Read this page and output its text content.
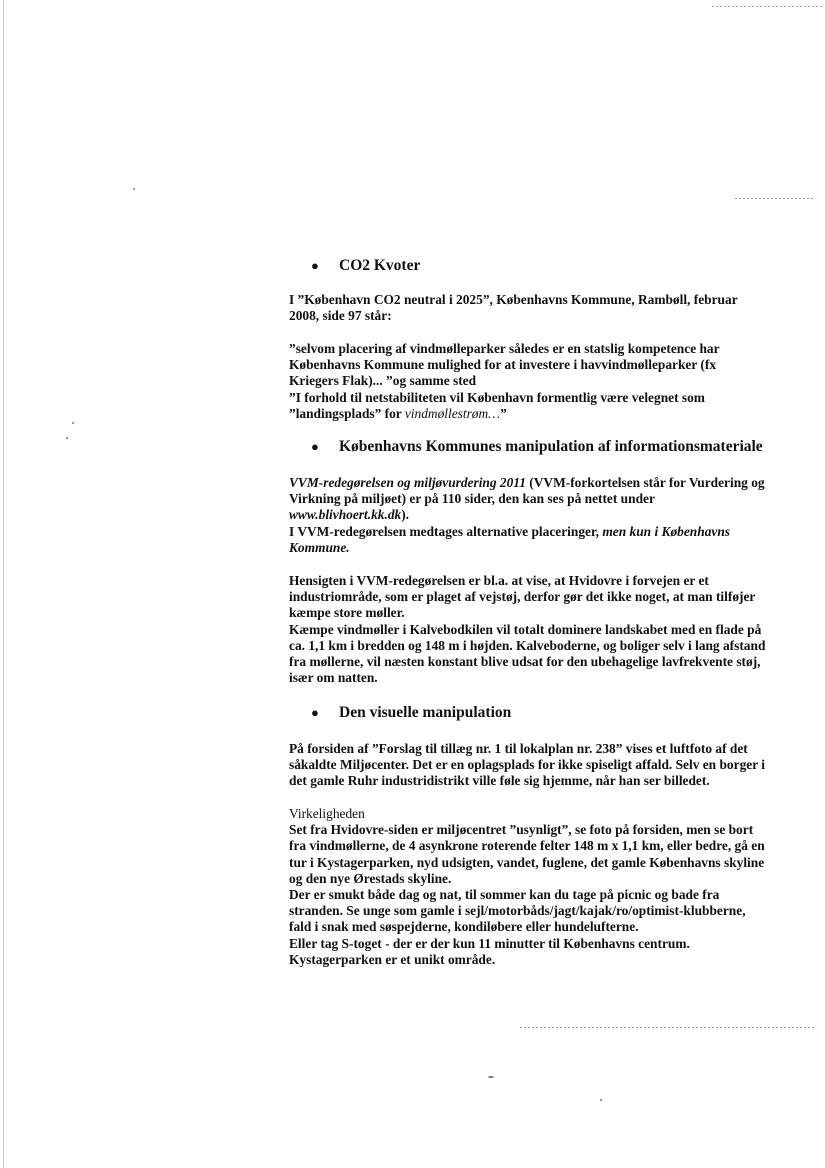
● CO2 Kvoter
I ”København CO2 neutral i 2025”, Københavns Kommune, Rambøll, februar
2008, side 97 står:
”selvom placering af vindmølleparker således er en statslig kompetence har
Københavns Kommune mulighed for at investere i havvindmølleparker (fx
Kriegers Flak)... ”og samme sted
”I forhold til netstabiliteten vil København formentlig være velegnet som
”landingsplads” for vindmøllestrøm…”
● Københavns Kommunes manipulation af informationsmateriale
VVM-redegørelsen og miljøvurdering 2011 (VVM-forkortelsen står for Vurdering og
Virkning på miljøet) er på 110 sider, den kan ses på nettet under
www.blivhoert.kk.dk).
I VVM-redegørelsen medtages alternative placeringer, men kun i Københavns
Kommune.
Hensigten i VVM-redegørelsen er bl.a. at vise, at Hvidovre i forvejen er et
industriområde, som er plaget af vejstøj, derfor gør det ikke noget, at man tilføjer
kæmpe store møller.
Kæmpe vindmøller i Kalvebodkilen vil totalt dominere landskabet med en flade på
ca. 1,1 km i bredden og 148 m i højden. Kalveboderne, og boliger selv i lang afstand
fra møllerne, vil næsten konstant blive udsat for den ubehagelige lavfrekvente støj,
især om natten.
● Den visuelle manipulation
På forsiden af ”Forslag til tillæg nr. 1 til lokalplan nr. 238” vises et luftfoto af det
såkaldte Miljøcenter. Det er en oplagsplads for ikke spiseligt affald. Selv en borger i
det gamle Ruhr industridistrikt ville føle sig hjemme, når han ser billedet.
Virkeligheden
Set fra Hvidovre-siden er miljøcentret ”usynligt”, se foto på forsiden, men se bort
fra vindmøllerne, de 4 asynkrone roterende felter 148 m x 1,1 km, eller bedre, gå en
tur i Kystagerparken, nyd udsigten, vandet, fuglene, det gamle Københavns skyline
og den nye Ørestads skyline.
Der er smukt både dag og nat, til sommer kan du tage på picnic og bade fra
stranden. Se unge som gamle i sejl/motorbåds/jagt/kajak/ro/optimist-klubberne,
fald i snak med søspejderne, kondiløbere eller hundelufterne.
Eller tag S-toget - der er der kun 11 minutter til Københavns centrum.
Kystagerparken er et unikt område.
